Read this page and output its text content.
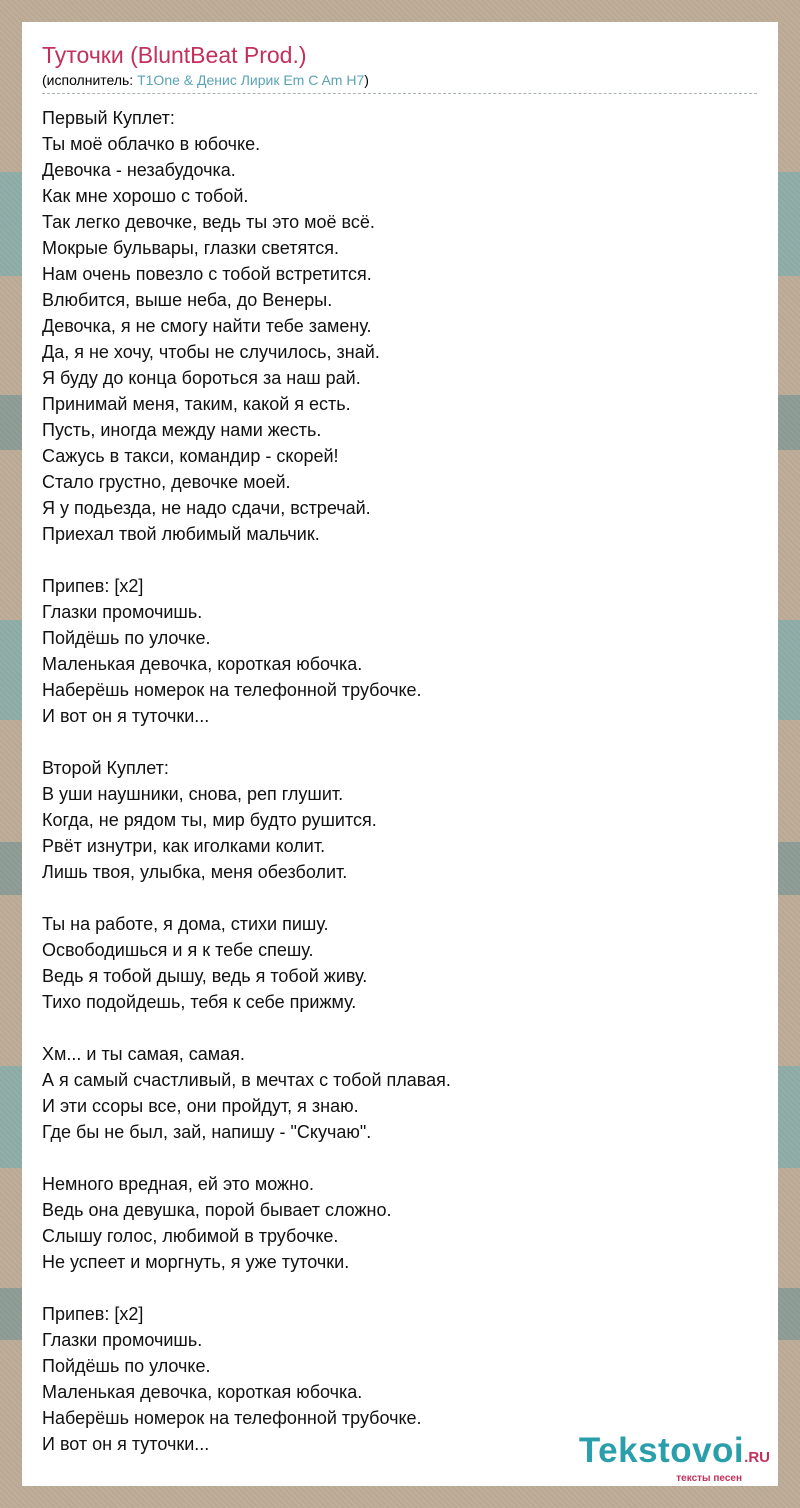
Туточки (BluntBeat Prod.)
(исполнитель: T1One & Денис Лирик Em C Am H7)
Первый Куплет:
Ты моё облачко в юбочке.
Девочка - незабудочка.
Как мне хорошо с тобой.
Так легко девочке, ведь ты это моё всё.
Мокрые бульвары, глазки светятся.
Нам очень повезло с тобой встретится.
Влюбится, выше неба, до Венеры.
Девочка, я не смогу найти тебе замену.
Да, я не хочу, чтобы не случилось, знай.
Я буду до конца бороться за наш рай.
Принимай меня, таким, какой я есть.
Пусть, иногда между нами жесть.
Сажусь в такси, командир - скорей!
Стало грустно, девочке моей.
Я у подьезда, не надо сдачи, встречай.
Приехал твой любимый мальчик.
Припев: [x2]
Глазки промочишь.
Пойдёшь по улочке.
Маленькая девочка, короткая юбочка.
Наберёшь номерок на телефонной трубочке.
И вот он я туточки...
Второй Куплет:
В уши наушники, снова, реп глушит.
Когда, не рядом ты, мир будто рушится.
Рвёт изнутри, как иголками колит.
Лишь твоя, улыбка, меня обезболит.
Ты на работе, я дома, стихи пишу.
Освободишься и я к тебе спешу.
Ведь я тобой дышу, ведь я тобой живу.
Тихо подойдешь, тебя к себе прижму.
Хм... и ты самая, самая.
А я самый счастливый, в мечтах с тобой плавая.
И эти ссоры все, они пройдут, я знаю.
Где бы не был, зай, напишу - "Скучаю".
Немного вредная, ей это можно.
Ведь она девушка, порой бывает сложно.
Слышу голос, любимой в трубочке.
Не успеет и моргнуть, я уже туточки.
Припев: [x2]
Глазки промочишь.
Пойдёшь по улочке.
Маленькая девочка, короткая юбочка.
Наберёшь номерок на телефонной трубочке.
И вот он я туточки...	Tekstovoi.RU
тексты песен
